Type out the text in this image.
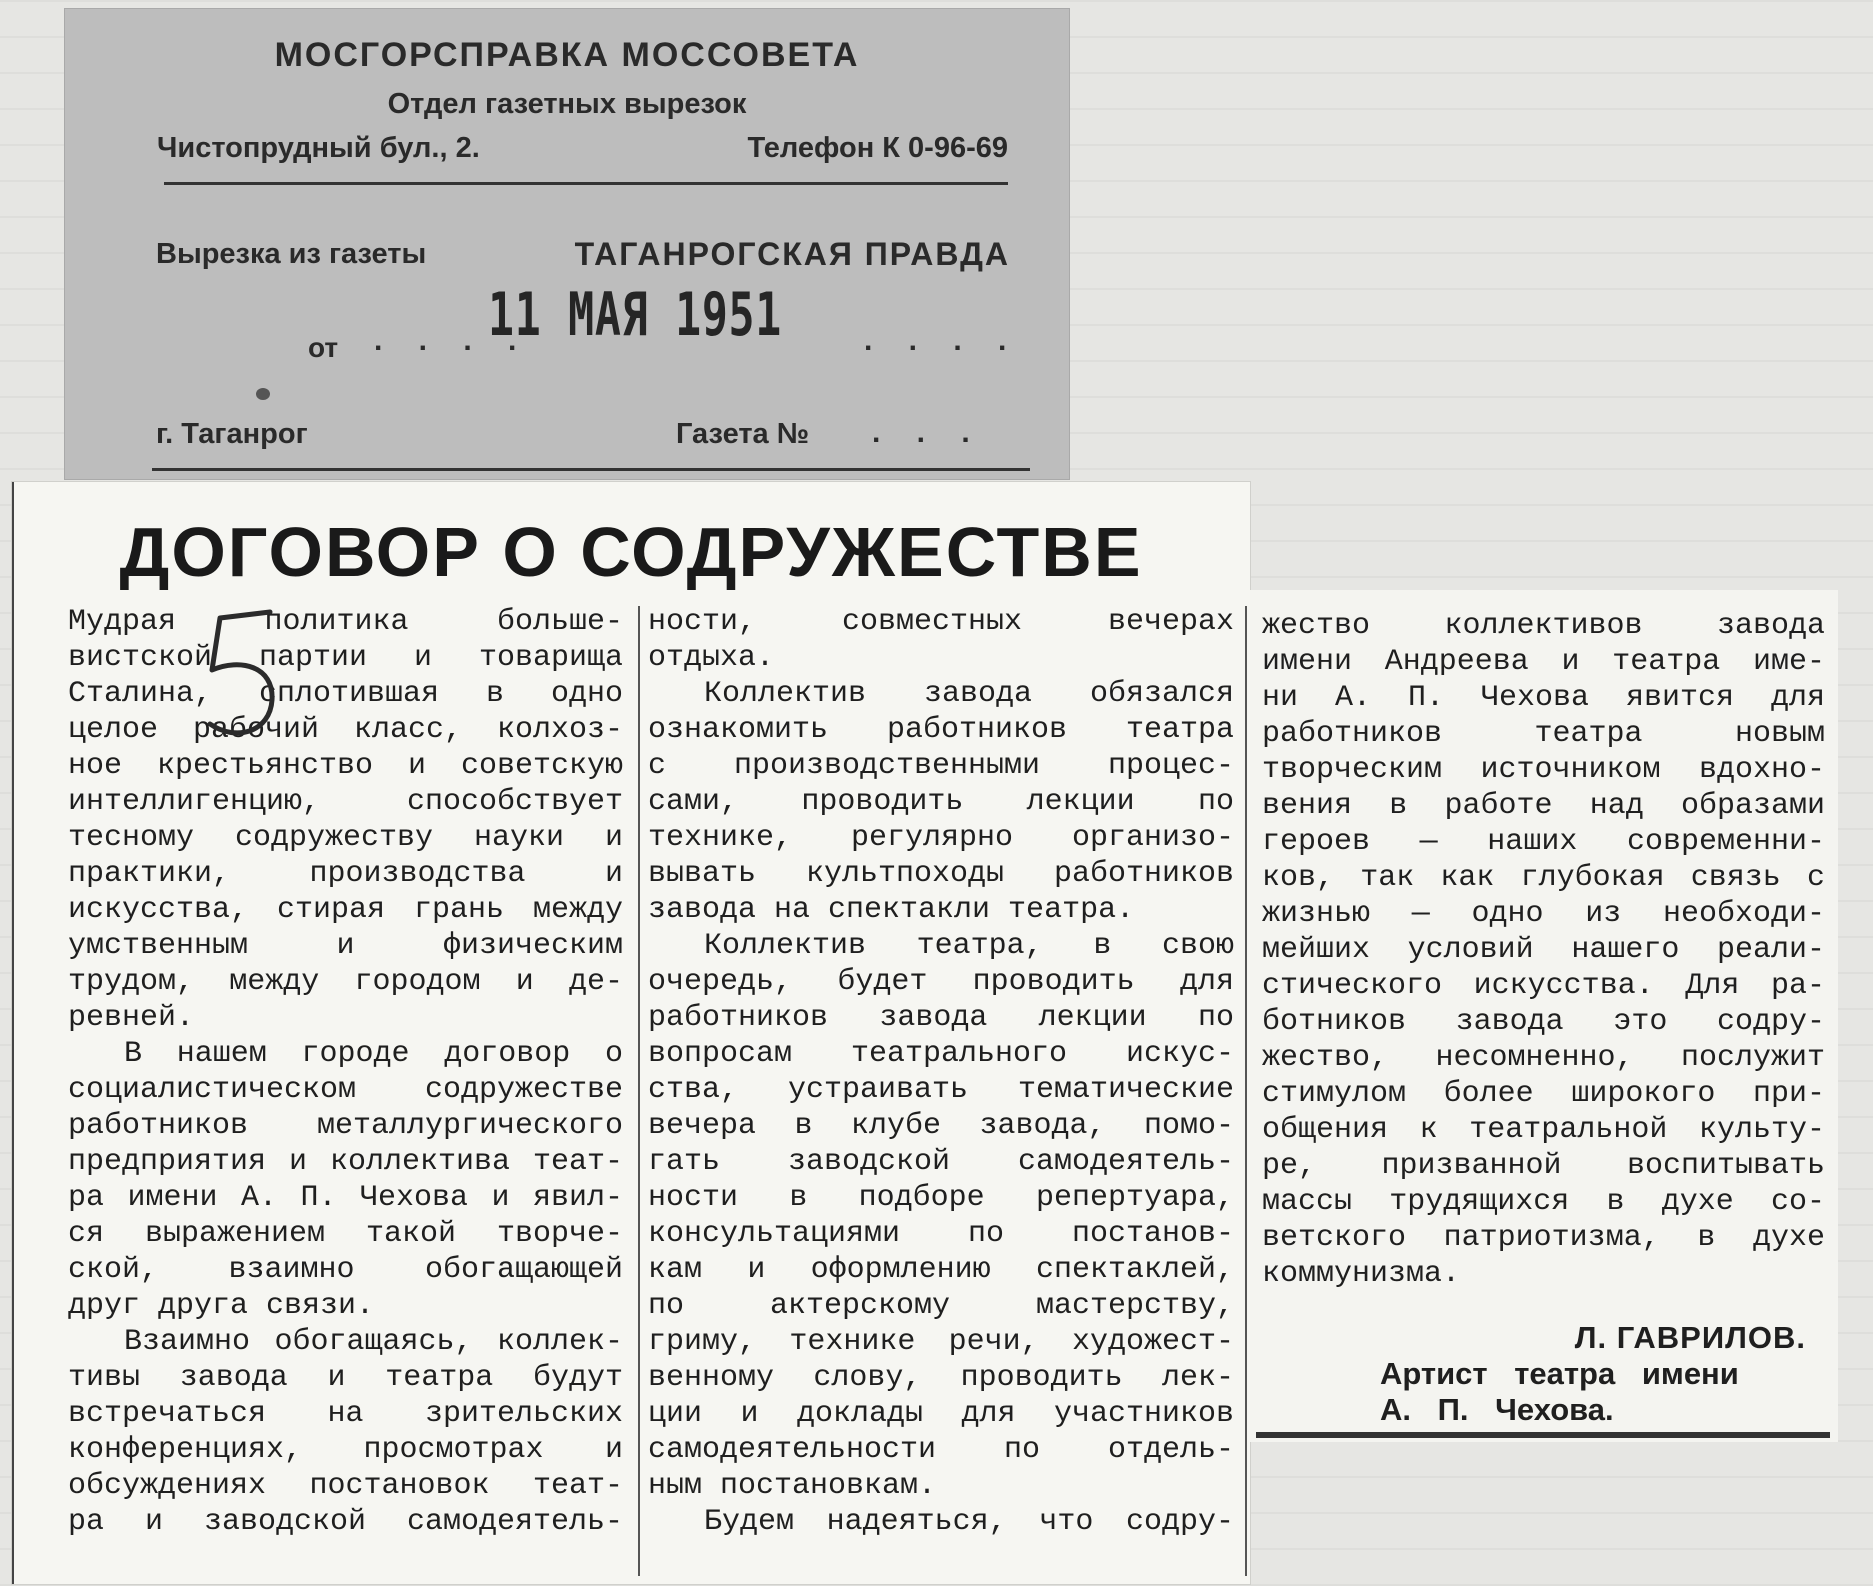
МОСГОРСПРАВКА МОССОВЕТА
Отдел газетных вырезок
Чистопрудный бул., 2.	Телефон К 0-96-69
Вырезка из газеты	ТАГАНРОГСКАЯ ПРАВДА
от . . . .
11 МАЯ 1951	. . . .
г. Таганрог	Газета № . . .
ДОГОВОР О СОДРУЖЕСТВЕ
Мудрая политика больше-
вистской партии и товарища
Сталина, сплотившая в одно
целое рабочий класс, колхоз-
ное крестьянство и советскую
интеллигенцию, способствует
тесному содружеству науки и
практики, производства и
искусства, стирая грань между
умственным и физическим
трудом, между городом и де-
ревней.
В нашем городе договор о
социалистическом содружестве
работников металлургического
предприятия и коллектива теат-
ра имени А. П. Чехова и явил-
ся выражением такой творче-
ской, взаимно обогащающей
друг друга связи.
Взаимно обогащаясь, коллек-
тивы завода и театра будут
встречаться на зрительских
конференциях, просмотрах и
обсуждениях постановок теат-
ра и заводской самодеятель-
ности, совместных вечерах
отдыха.
Коллектив завода обязался
ознакомить работников театра
с производственными процес-
сами, проводить лекции по
технике, регулярно организо-
вывать культпоходы работников
завода на спектакли театра.
Коллектив театра, в свою
очередь, будет проводить для
работников завода лекции по
вопросам театрального искус-
ства, устраивать тематические
вечера в клубе завода, помо-
гать заводской самодеятель-
ности в подборе репертуара,
консультациями по постанов-
кам и оформлению спектаклей,
по актерскому мастерству,
гриму, технике речи, художест-
венному слову, проводить лек-
ции и доклады для участников
самодеятельности по отдель-
ным постановкам.
Будем надеяться, что содру-
жество коллективов завода
имени Андреева и театра име-
ни А. П. Чехова явится для
работников театра новым
творческим источником вдохно-
вения в работе над образами
героев — наших современни-
ков, так как глубокая связь с
жизнью — одно из необходи-
мейших условий нашего реали-
стического искусства. Для ра-
ботников завода это содру-
жество, несомненно, послужит
стимулом более широкого при-
общения к театральной культу-
ре, призванной воспитывать
массы трудящихся в духе со-
ветского патриотизма, в духе
коммунизма.
Л. ГАВРИЛОВ.
Артист театра имени
А. П. Чехова.
